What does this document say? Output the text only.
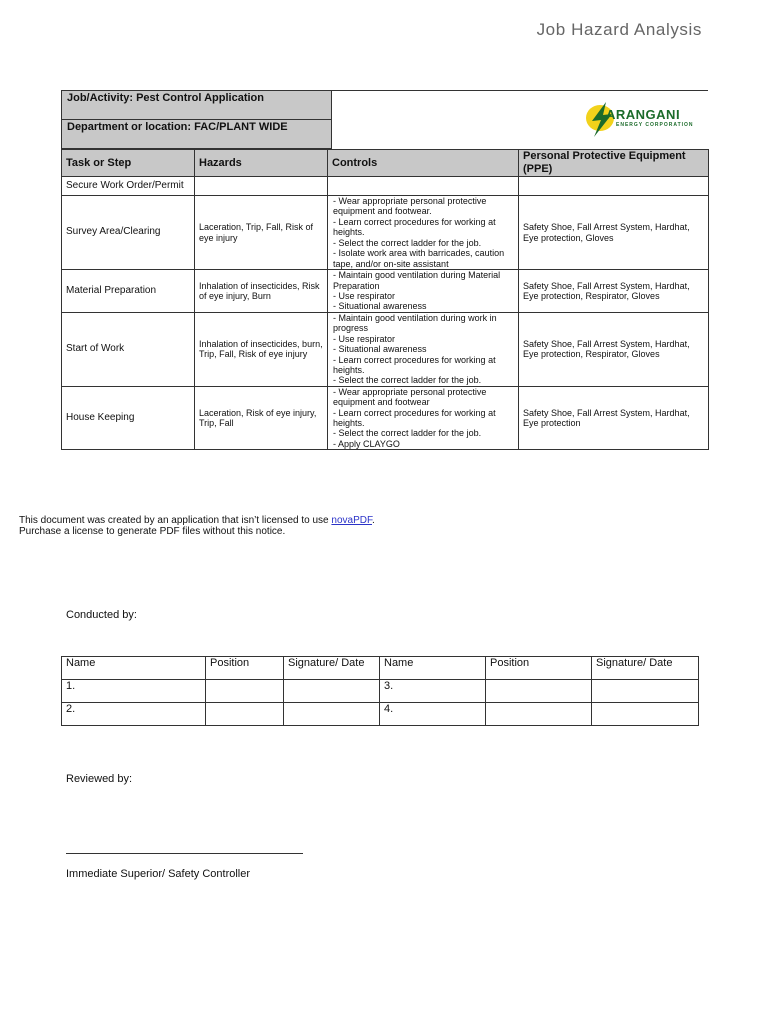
Job Hazard Analysis
Job/Activity: Pest Control Application	
ARANGANI
ENERGY CORPORATION

Department or location: FAC/PLANT WIDE
Task or Step	Hazards	Controls	Personal Protective Equipment (PPE)
Secure Work Order/Permit			
Survey Area/Clearing	Laceration, Trip, Fall, Risk of eye injury	- Wear appropriate personal protective equipment and footwear.
- Learn correct procedures for working at heights.
- Select the correct ladder for the job.
- Isolate work area with barricades, caution tape, and/or on-site assistant	Safety Shoe, Fall Arrest System, Hardhat, Eye protection, Gloves
Material Preparation	Inhalation of insecticides, Risk of eye injury, Burn	- Maintain good ventilation during Material Preparation
- Use respirator
- Situational awareness	Safety Shoe, Fall Arrest System, Hardhat, Eye protection, Respirator, Gloves
Start of Work	Inhalation of insecticides, burn, Trip, Fall, Risk of eye injury	- Maintain good ventilation during work in progress
- Use respirator
- Situational awareness
- Learn correct procedures for working at heights.
- Select the correct ladder for the job.	Safety Shoe, Fall Arrest System, Hardhat, Eye protection, Respirator, Gloves
House Keeping	Laceration, Risk of eye injury, Trip, Fall	- Wear appropriate personal protective equipment and footwear
- Learn correct procedures for working at heights.
- Select the correct ladder for the job.
- Apply CLAYGO	Safety Shoe, Fall Arrest System, Hardhat, Eye protection
This document was created by an application that isn’t licensed to use novaPDF.
Purchase a license to generate PDF files without this notice.
Conducted by:
Name	Position	Signature/ Date	Name	Position	Signature/ Date
1.			3.		
2.			4.		
Reviewed by:
Immediate Superior/ Safety Controller
